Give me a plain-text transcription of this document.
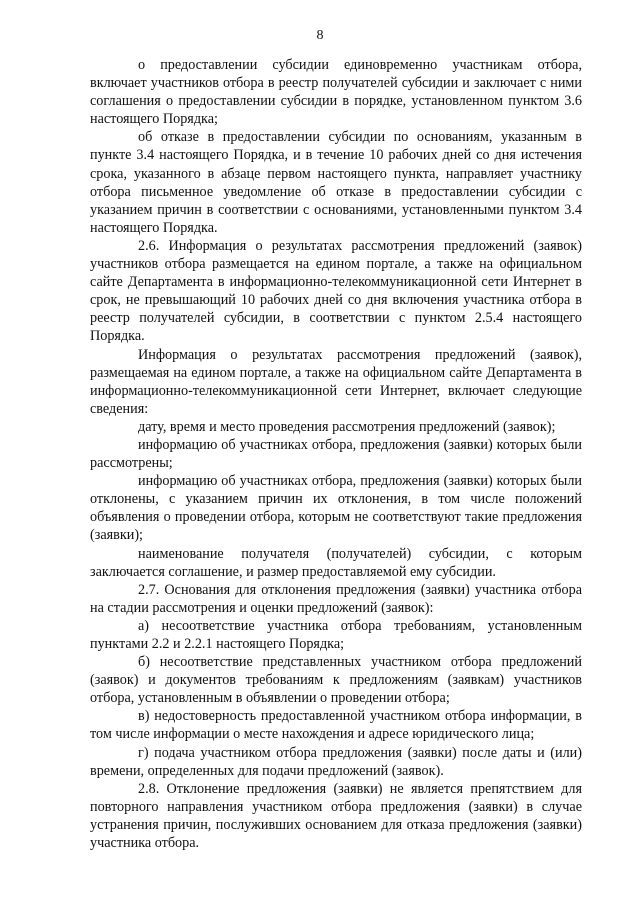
8

о предоставлении субсидии единовременно участникам отбора, включает участников отбора в реестр получателей субсидии и заключает с ними соглашения о предоставлении субсидии в порядке, установленном пунктом 3.6 настоящего Порядка;

об отказе в предоставлении субсидии по основаниям, указанным в пункте 3.4 настоящего Порядка, и в течение 10 рабочих дней со дня истечения срока, указанного в абзаце первом настоящего пункта, направляет участнику отбора письменное уведомление об отказе в предоставлении субсидии с указанием причин в соответствии с основаниями, установленными пунктом 3.4 настоящего Порядка.

2.6. Информация о результатах рассмотрения предложений (заявок) участников отбора размещается на едином портале, а также на официальном сайте Департамента в информационно-телекоммуникационной сети Интернет в срок, не превышающий 10 рабочих дней со дня включения участника отбора в реестр получателей субсидии, в соответствии с пунктом 2.5.4 настоящего Порядка.

Информация о результатах рассмотрения предложений (заявок), размещаемая на едином портале, а также на официальном сайте Департамента в информационно-телекоммуникационной сети Интернет, включает следующие сведения:

дату, время и место проведения рассмотрения предложений (заявок);

информацию об участниках отбора, предложения (заявки) которых были рассмотрены;

информацию об участниках отбора, предложения (заявки) которых были отклонены, с указанием причин их отклонения, в том числе положений объявления о проведении отбора, которым не соответствуют такие предложения (заявки);

наименование получателя (получателей) субсидии, с которым заключается соглашение, и размер предоставляемой ему субсидии.

2.7. Основания для отклонения предложения (заявки) участника отбора на стадии рассмотрения и оценки предложений (заявок):

а) несоответствие участника отбора требованиям, установленным пунктами 2.2 и 2.2.1 настоящего Порядка;

б) несоответствие представленных участником отбора предложений (заявок) и документов требованиям к предложениям (заявкам) участников отбора, установленным в объявлении о проведении отбора;

в) недостоверность предоставленной участником отбора информации, в том числе информации о месте нахождения и адресе юридического лица;

г) подача участником отбора предложения (заявки) после даты и (или) времени, определенных для подачи предложений (заявок).

2.8. Отклонение предложения (заявки) не является препятствием для повторного направления участником отбора предложения (заявки) в случае устранения причин, послуживших основанием для отказа предложения (заявки) участника отбора.
